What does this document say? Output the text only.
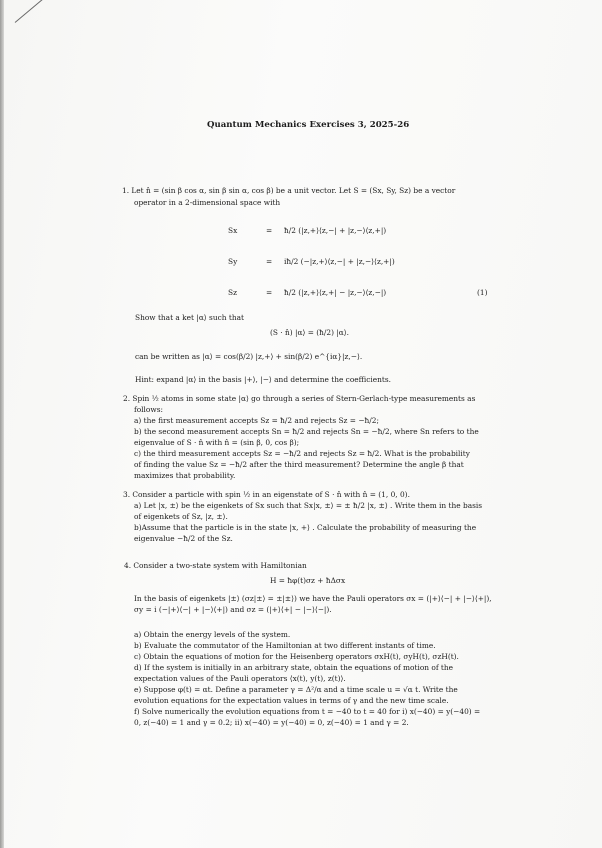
Quantum Mechanics Exercises 3, 2025-26
1. Let n̂ = (sin β cos α, sin β sin α, cos β) be a unit vector. Let S = (Sx, Sy, Sz) be a vector
operator in a 2-dimensional space with
Sx	= ħ/2 (|z,+⟩⟨z,−| + |z,−⟩⟨z,+|)
Sy	= iħ/2 (−|z,+⟩⟨z,−| + |z,−⟩⟨z,+|)
Sz	= ħ/2 (|z,+⟩⟨z,+| − |z,−⟩⟨z,−|)	(1)
Show that a ket |α⟩ such that
(S · n̂) |α⟩ = (ħ/2) |α⟩.
can be written as |α⟩ = cos(β/2) |z,+⟩ + sin(β/2) e^{iα}|z,−⟩.
Hint: expand |α⟩ in the basis |+⟩, |−⟩ and determine the coefficients.
2. Spin ½ atoms in some state |α⟩ go through a series of Stern-Gerlach-type measurements as
follows:
a) the first measurement accepts Sz = ħ/2 and rejects Sz = −ħ/2;
b) the second measurement accepts Sn = ħ/2 and rejects Sn = −ħ/2, where Sn refers to the
eigenvalue of S · n̂ with n̂ = (sin β, 0, cos β);
c) the third measurement accepts Sz = −ħ/2 and rejects Sz = ħ/2. What is the probability
of finding the value Sz = −ħ/2 after the third measurement? Determine the angle β that
maximizes that probability.
3. Consider a particle with spin ½ in an eigenstate of S · n̂ with n̂ = (1, 0, 0).
a) Let |x, ±⟩ be the eigenkets of Sx such that Sx|x, ±⟩ = ± ħ/2 |x, ±⟩ . Write them in the basis
of eigenkets of Sz, |z, ±⟩.
b)Assume that the particle is in the state |x, +⟩ . Calculate the probability of measuring the
eigenvalue −ħ/2 of the Sz.
4. Consider a two-state system with Hamiltonian
H = ħφ(t)σz + ħΔσx
In the basis of eigenkets |±⟩ (σz|±⟩ = ±|±⟩) we have the Pauli operators σx = (|+⟩⟨−| + |−⟩⟨+|),
σy = i (−|+⟩⟨−| + |−⟩⟨+|) and σz = (|+⟩⟨+| − |−⟩⟨−|).
a) Obtain the energy levels of the system.
b) Evaluate the commutator of the Hamiltonian at two different instants of time.
c) Obtain the equations of motion for the Heisenberg operators σxH(t), σyH(t), σzH(t).
d) If the system is initially in an arbitrary state, obtain the equations of motion of the
expectation values of the Pauli operators ⟨x(t), y(t), z(t)⟩.
e) Suppose φ(t) = αt. Define a parameter γ = Δ²/α and a time scale u = √α t. Write the
evolution equations for the expectation values in terms of γ and the new time scale.
f) Solve numerically the evolution equations from t = −40 to t = 40 for i) x(−40) = y(−40) =
0, z(−40) = 1 and γ = 0.2; ii) x(−40) = y(−40) = 0, z(−40) = 1 and γ = 2.
